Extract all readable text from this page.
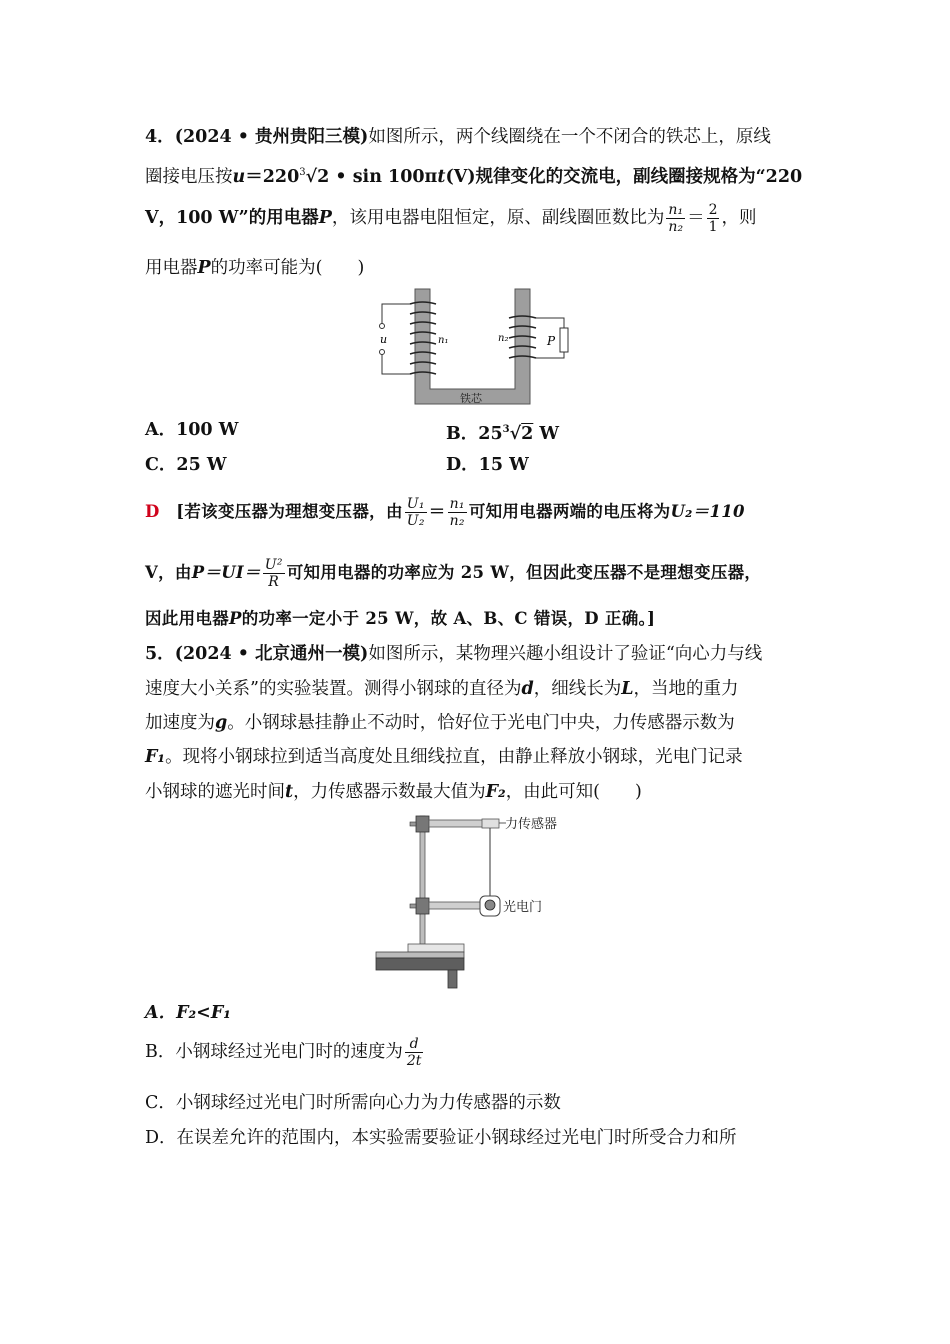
4．(2024 • 贵州贵阳三模)如图所示，两个线圈绕在一个不闭合的铁芯上，原线
圈接电压按$u=220^3√2$ • sin 100πt(V)规律变化的交流电，副线圈接规格为“220
V，100 W”的用电器P，该用电器电阻恒定，原、副线圈匝数比为 $\frac{\text{n₁}}{\text{n₂}} = \frac{2}{1}$ ，则
用电器P的功率可能为(　　)
u	n₁	n₂	P
铁芯
A．100 W	B．$25^3√2$ W
C．25 W	D．15 W
D [若该变压器为理想变压器，由 $\frac{\text{U₁}}{\text{U₂}} = \frac{\text{n₁}}{\text{n₂}}$ 可知用电器两端的电压将为U₂＝110
V，由$P=UI= \frac{\text{U²}}{R}$ 可知用电器的功率应为 25 W，但因此变压器不是理想变压器，
因此用电器P的功率一定小于 25 W，故 A、B、C 错误，D 正确。]
5．(2024 • 北京通州一模)如图所示，某物理兴趣小组设计了验证“向心力与线
速度大小关系”的实验装置。测得小钢球的直径为d，细线长为L，当地的重力
加速度为g。小钢球悬挂静止不动时，恰好位于光电门中央，力传感器示数为
F₁。现将小钢球拉到适当高度处且细线拉直，由静止释放小钢球，光电门记录
小钢球的遮光时间t，力传感器示数最大值为F₂，由此可知(　　)
力传感器
光电门
A．F₂<F₁
B．小钢球经过光电门时的速度为 $\frac{d}{2t}$
C．小钢球经过光电门时所需向心力为力传感器的示数
D．在误差允许的范围内，本实验需要验证小钢球经过光电门时所受合力和所
